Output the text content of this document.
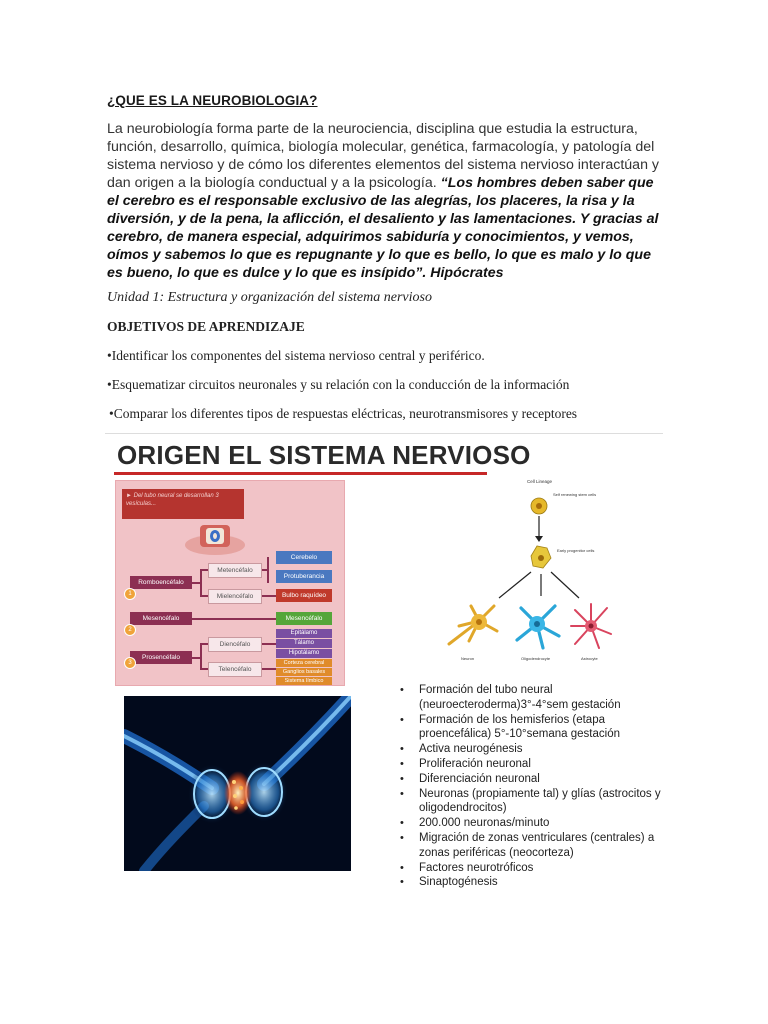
¿QUE ES LA NEUROBIOLOGIA?
La neurobiología forma parte de la neurociencia, disciplina que estudia la estructura, función, desarrollo, química, biología molecular, genética, farmacología, y patología del sistema nervioso y de cómo los diferentes elementos del sistema nervioso interactúan y dan origen a la biología conductual y a la psicología. “Los hombres deben saber que el cerebro es el responsable exclusivo de las alegrías, los placeres, la risa y la diversión, y de la pena, la aflicción, el desaliento y las lamentaciones. Y gracias al cerebro, de manera especial, adquirimos sabiduría y conocimientos, y vemos, oímos y sabemos lo que es repugnante y lo que es bello, lo que es malo y lo que es bueno, lo que es dulce y lo que es insípido”. Hipócrates
Unidad 1: Estructura y organización del sistema nervioso
OBJETIVOS DE APRENDIZAJE
•Identificar los componentes del sistema nervioso central y periférico.
•Esquematizar circuitos neuronales y su relación con la conducción de la información
•Comparar los diferentes tipos de respuestas eléctricas, neurotransmisores y receptores
ORIGEN EL SISTEMA NERVIOSO
► Del tubo neural se desarrollan 3 vesículas...
Romboencéfalo
Mesencéfalo
Prosencéfalo
1
2
3
Metencéfalo
Mielencéfalo
Diencéfalo
Telencéfalo
Cerebelo
Protuberancia
Bulbo raquídeo
Mesencéfalo
Epitálamo
Tálamo
Hipotálamo
Corteza cerebral
Ganglios basales
Sistema límbico
Cell Lineage
Self renewing stem cells
Early progenitor cells
Neuron	Oligodendrocyte	Astrocyte
• Formación del tubo neural (neuroecteroderma)3°-4°sem gestación
• Formación de los hemisferios (etapa proencefálica) 5°-10°semana gestación
• Activa neurogénesis
• Proliferación neuronal
• Diferenciación neuronal
• Neuronas (propiamente tal) y glías (astrocitos y oligodendrocitos)
• 200.000 neuronas/minuto
• Migración de zonas ventriculares (centrales) a zonas periféricas (neocorteza)
• Factores neurotróficos
• Sinaptogénesis
